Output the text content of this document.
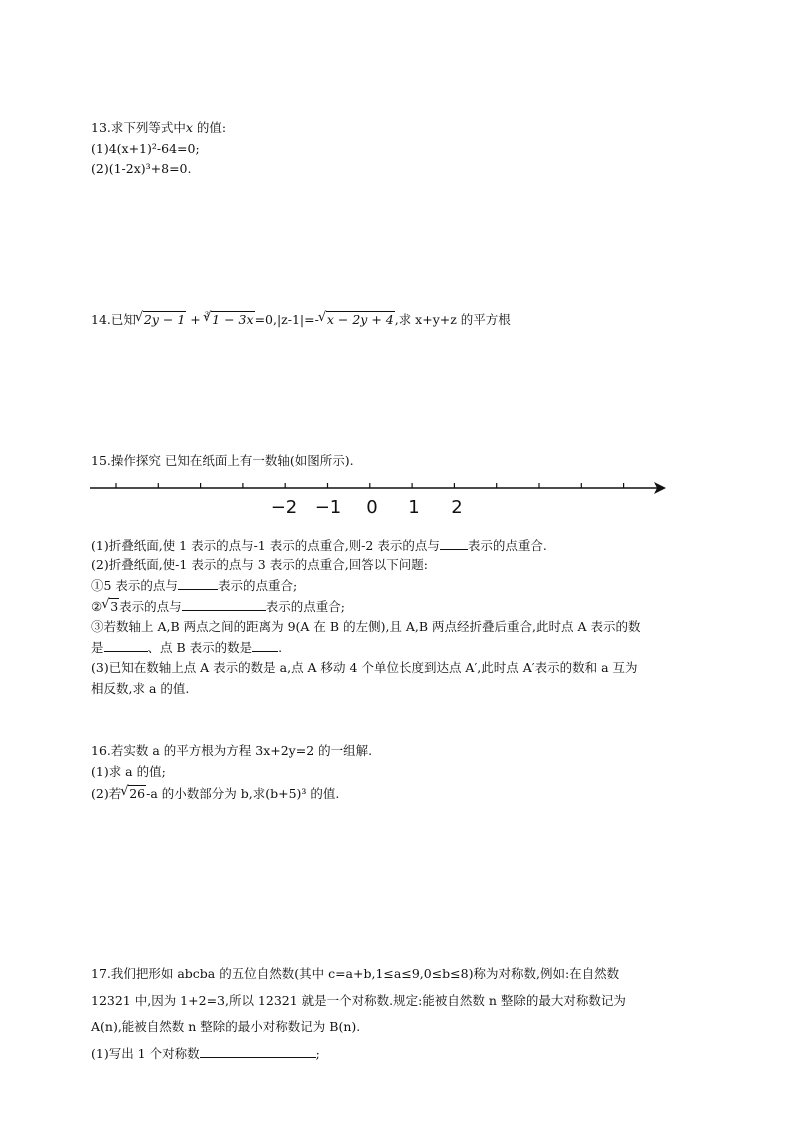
13.求下列等式中x 的值:
(1)4(x+1)²-64=0;
(2)(1-2x)³+8=0.
14.已知 √ 2y − 1 + $^3$ √ 1 − 3x=0,|z-1|=- √ x − 2y + 4,求 x+y+z 的平方根
15.操作探究 已知在纸面上有一数轴(如图所示).
−2 −1 0 1 2
(1)折叠纸面,使 1 表示的点与-1 表示的点重合,则-2 表示的点与 表示的点重合.
(2)折叠纸面,使-1 表示的点与 3 表示的点重合,回答以下问题:
①5 表示的点与	表示的点重合;
② √ 3表示的点与	表示的点重合;
③若数轴上 A,B 两点之间的距离为 9(A 在 B 的左侧),且 A,B 两点经折叠后重合,此时点 A 表示的数
是	、点 B 表示的数是 .
(3)已知在数轴上点 A 表示的数是 a,点 A 移动 4 个单位长度到达点 A′,此时点 A′表示的数和 a 互为
相反数,求 a 的值.
16.若实数 a 的平方根为方程 3x+2y=2 的一组解.
(1)求 a 的值;
(2)若 √ 26-a 的小数部分为 b,求(b+5)³ 的值.
17.我们把形如 abcba 的五位自然数(其中 c=a+b,1≤a≤9,0≤b≤8)称为对称数,例如:在自然数
12321 中,因为 1+2=3,所以 12321 就是一个对称数.规定:能被自然数 n 整除的最大对称数记为
A(n),能被自然数 n 整除的最小对称数记为 B(n).
(1)写出 1 个对称数	;
